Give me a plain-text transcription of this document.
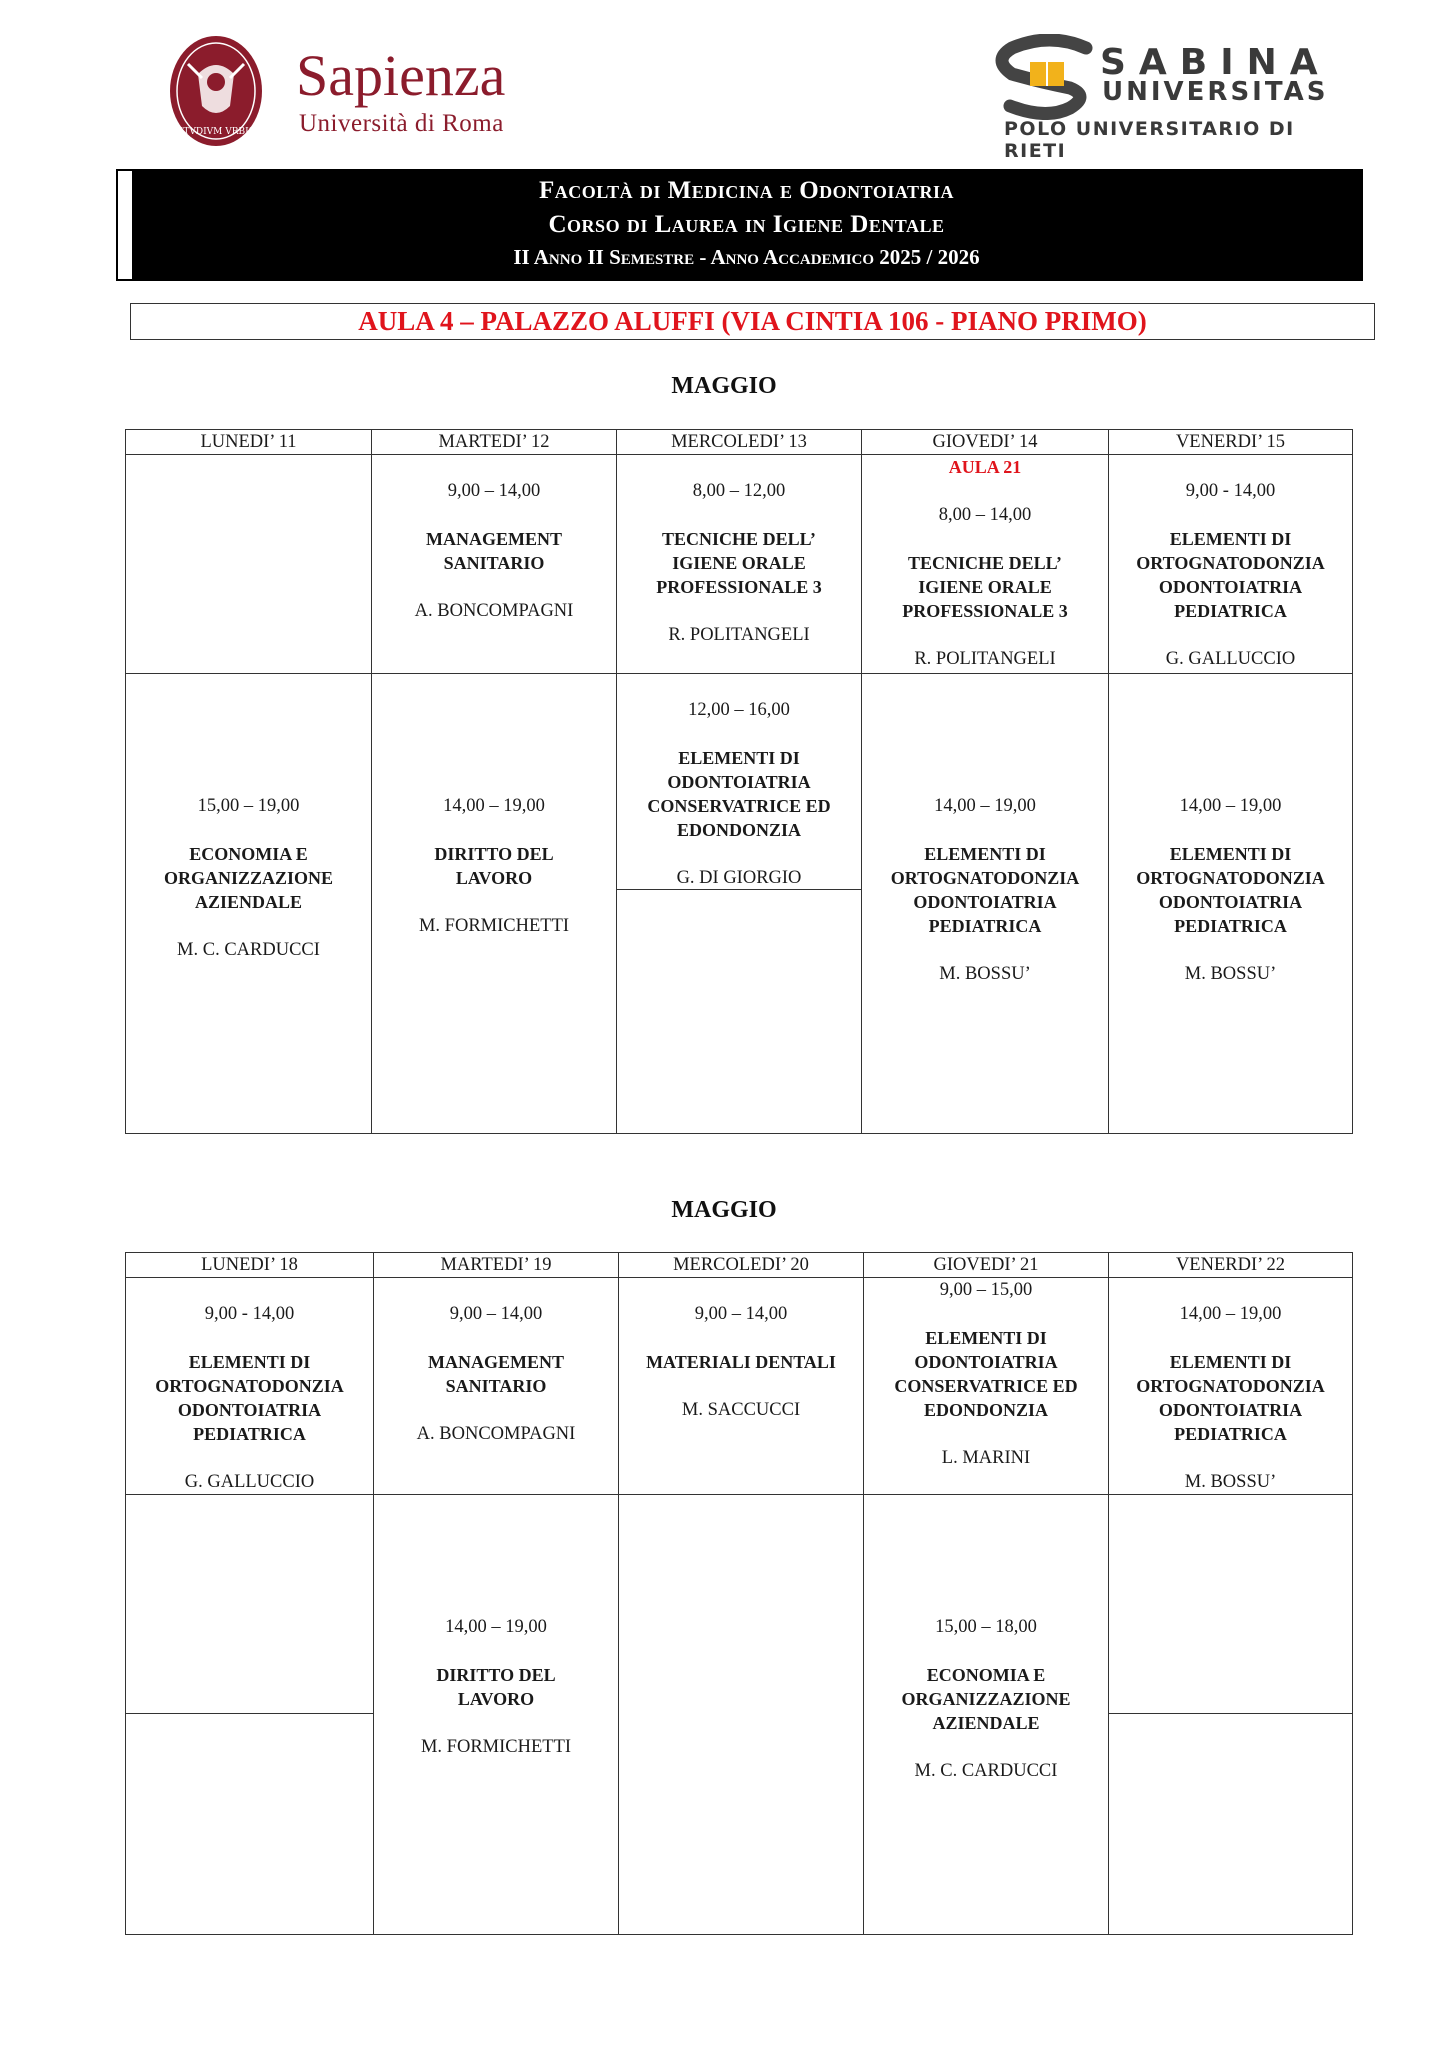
STVDIVM VRBIS
Sapienza
Università di Roma
SABINA
UNIVERSITAS
POLO UNIVERSITARIO DI RIETI
Facoltà di Medicina e Odontoiatria
Corso di Laurea in Igiene Dentale
II Anno II Semestre - Anno Accademico 2025 / 2026
AULA 4 – PALAZZO ALUFFI (VIA CINTIA 106 - PIANO PRIMO)
MAGGIO
LUNEDI’ 11	MARTEDI’ 12	MERCOLEDI’ 13	GIOVEDI’ 14	VENERDI’ 15

	9,00 – 14,00
MANAGEMENT SANITARIO
A. BONCOMPAGNI	8,00 – 12,00
TECNICHE DELL’ IGIENE ORALE PROFESSIONALE 3
R. POLITANGELI	AULA 21
8,00 – 14,00
TECNICHE DELL’ IGIENE ORALE PROFESSIONALE 3
R. POLITANGELI	9,00 - 14,00
ELEMENTI DI ORTOGNATODONZIA ODONTOIATRIA PEDIATRICA
G. GALLUCCIO

15,00 – 19,00
ECONOMIA E ORGANIZZAZIONE AZIENDALE
M. C. CARDUCCI	14,00 – 19,00
DIRITTO DEL LAVORO
M. FORMICHETTI	12,00 – 16,00
ELEMENTI DI ODONTOIATRIA CONSERVATRICE ED EDONDONZIA
G. DI GIORGIO	14,00 – 19,00
ELEMENTI DI ORTOGNATODONZIA ODONTOIATRIA PEDIATRICA
M. BOSSU’	14,00 – 19,00
ELEMENTI DI ORTOGNATODONZIA ODONTOIATRIA PEDIATRICA
M. BOSSU’
MAGGIO
LUNEDI’ 18	MARTEDI’ 19	MERCOLEDI’ 20	GIOVEDI’ 21	VENERDI’ 22

9,00 - 14,00
ELEMENTI DI ORTOGNATODONZIA ODONTOIATRIA PEDIATRICA
G. GALLUCCIO	9,00 – 14,00
MANAGEMENT SANITARIO
A. BONCOMPAGNI	9,00 – 14,00
MATERIALI DENTALI
M. SACCUCCI	9,00 – 15,00
ELEMENTI DI ODONTOIATRIA CONSERVATRICE ED EDONDONZIA
L. MARINI	14,00 – 19,00
ELEMENTI DI ORTOGNATODONZIA ODONTOIATRIA PEDIATRICA
M. BOSSU’

	14,00 – 19,00
DIRITTO DEL LAVORO
M. FORMICHETTI		15,00 – 18,00
ECONOMIA E ORGANIZZAZIONE AZIENDALE
M. C. CARDUCCI	
